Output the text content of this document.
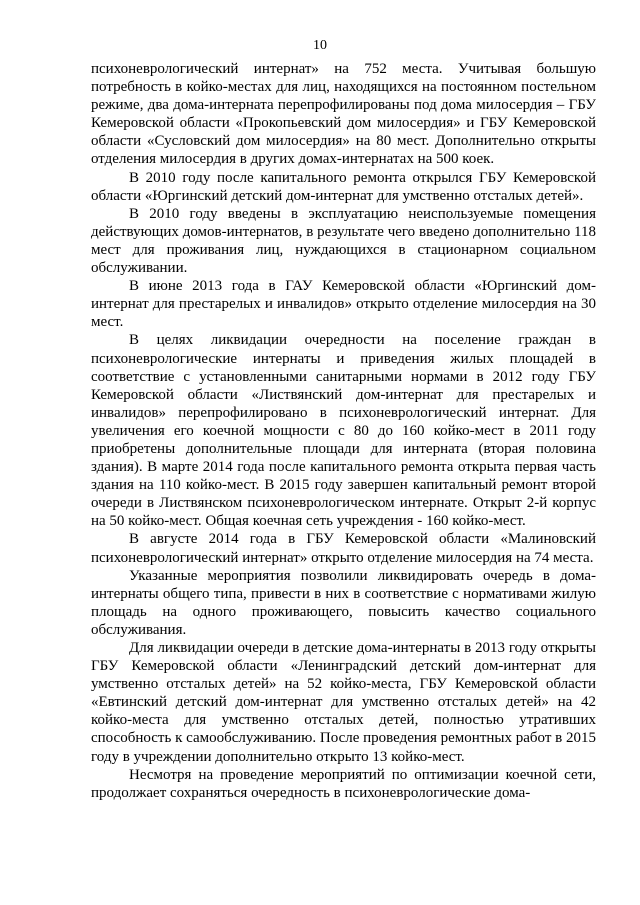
10

психоневрологический интернат» на 752 места. Учитывая большую потребность в койко-местах для лиц, находящихся на постоянном постельном режиме, два дома-интерната перепрофилированы под дома милосердия – ГБУ Кемеровской области «Прокопьевский дом милосердия» и ГБУ Кемеровской области «Сусловский дом милосердия» на 80 мест. Дополнительно открыты отделения милосердия в других домах-интернатах на 500 коек.

В 2010 году после капитального ремонта открылся ГБУ Кемеровской области «Юргинский детский дом-интернат для умственно отсталых детей».

В 2010 году введены в эксплуатацию неиспользуемые помещения действующих домов-интернатов, в результате чего введено дополнительно 118 мест для проживания лиц, нуждающихся в стационарном социальном обслуживании.

В июне 2013 года в ГАУ Кемеровской области «Юргинский дом-интернат для престарелых и инвалидов» открыто отделение милосердия на 30 мест.

В целях ликвидации очередности на поселение граждан в психоневрологические интернаты и приведения жилых площадей в соответствие с установленными санитарными нормами в 2012 году ГБУ Кемеровской области «Листвянский дом-интернат для престарелых и инвалидов» перепрофилировано в психоневрологический интернат. Для увеличения его коечной мощности с 80 до 160 койко-мест в 2011 году приобретены дополнительные площади для интерната (вторая половина здания). В марте 2014 года после капитального ремонта открыта первая часть здания на 110 койко-мест. В 2015 году завершен капитальный ремонт второй очереди в Листвянском психоневрологическом интернате. Открыт 2-й корпус на 50 койко-мест. Общая коечная сеть учреждения - 160 койко-мест.

В августе 2014 года в ГБУ Кемеровской области «Малиновский психоневрологический интернат» открыто отделение милосердия на 74 места.

Указанные мероприятия позволили ликвидировать очередь в дома-интернаты общего типа, привести в них в соответствие с нормативами жилую площадь на одного проживающего, повысить качество социального обслуживания.

Для ликвидации очереди в детские дома-интернаты в 2013 году открыты ГБУ Кемеровской области «Ленинградский детский дом-интернат для умственно отсталых детей» на 52 койко-места, ГБУ Кемеровской области «Евтинский детский дом-интернат для умственно отсталых детей» на 42 койко-места для умственно отсталых детей, полностью утративших способность к самообслуживанию. После проведения ремонтных работ в 2015 году в учреждении дополнительно открыто 13 койко-мест.

Несмотря на проведение мероприятий по оптимизации коечной сети, продолжает сохраняться очередность в психоневрологические дома-
